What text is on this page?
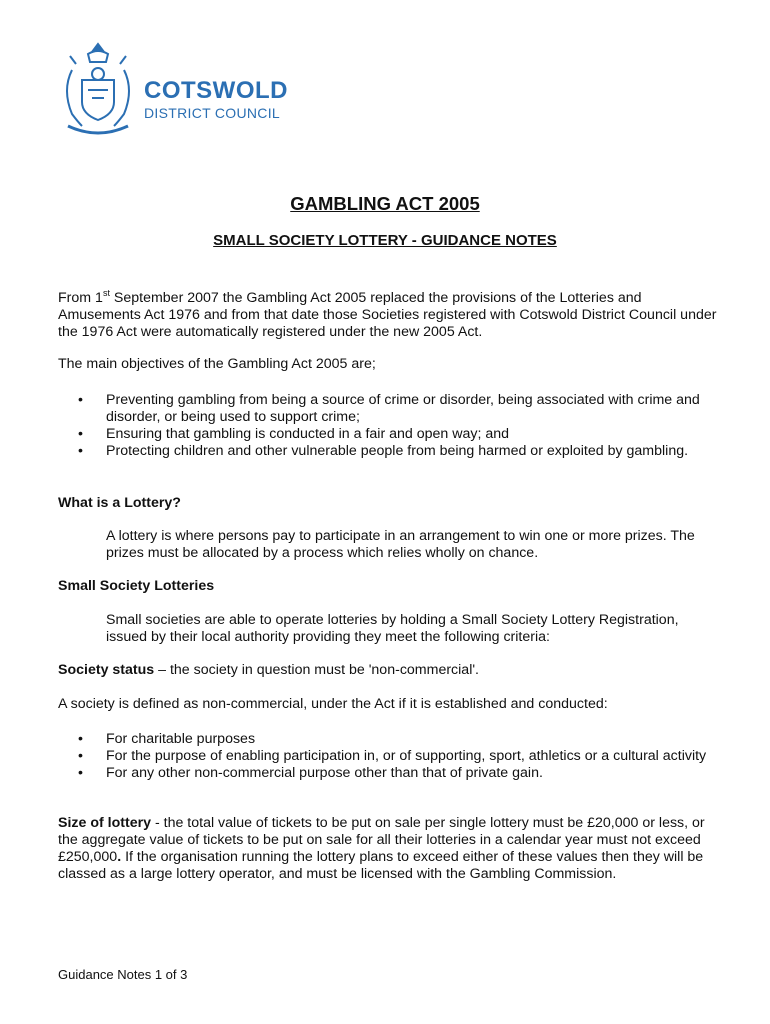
COTSWOLD
DISTRICT COUNCIL
GAMBLING ACT 2005
SMALL SOCIETY LOTTERY - GUIDANCE NOTES

From 1st September 2007 the Gambling Act 2005 replaced the provisions of the Lotteries and Amusements Act 1976 and from that date those Societies registered with Cotswold District Council under the 1976 Act were automatically registered under the new 2005 Act.

The main objectives of the Gambling Act 2005 are;

• Preventing gambling from being a source of crime or disorder, being associated with crime and disorder, or being used to support crime;
• Ensuring that gambling is conducted in a fair and open way; and
• Protecting children and other vulnerable people from being harmed or exploited by gambling.

What is a Lottery?

A lottery is where persons pay to participate in an arrangement to win one or more prizes. The prizes must be allocated by a process which relies wholly on chance.

Small Society Lotteries

Small societies are able to operate lotteries by holding a Small Society Lottery Registration, issued by their local authority providing they meet the following criteria:

Society status – the society in question must be 'non-commercial'.

A society is defined as non-commercial, under the Act if it is established and conducted:

• For charitable purposes
• For the purpose of enabling participation in, or of supporting, sport, athletics or a cultural activity
• For any other non-commercial purpose other than that of private gain.

Size of lottery - the total value of tickets to be put on sale per single lottery must be £20,000 or less, or the aggregate value of tickets to be put on sale for all their lotteries in a calendar year must not exceed £250,000. If the organisation running the lottery plans to exceed either of these values then they will be classed as a large lottery operator, and must be licensed with the Gambling Commission.

Guidance Notes 1 of 3
